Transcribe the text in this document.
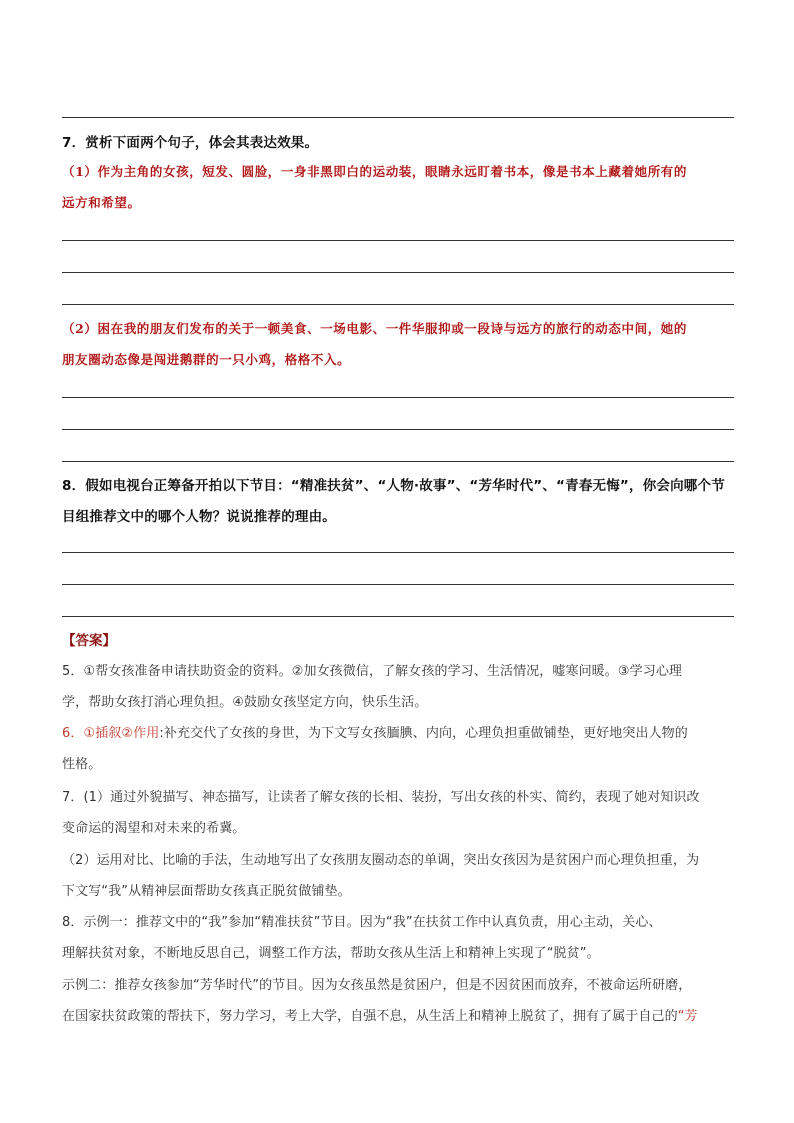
7．赏析下面两个句子，体会其表达效果。
（1）作为主角的女孩，短发、圆脸，一身非黑即白的运动装，眼睛永远盯着书本，像是书本上藏着她所有的
远方和希望。
（2）困在我的朋友们发布的关于一顿美食、一场电影、一件华服抑或一段诗与远方的旅行的动态中间，她的
朋友圈动态像是闯进鹅群的一只小鸡，格格不入。
8．假如电视台正筹备开拍以下节目：“精准扶贫”、“人物·故事”、“芳华时代”、“青春无悔”，你会向哪个节
目组推荐文中的哪个人物？说说推荐的理由。
【答案】
5．①帮女孩准备申请扶助资金的资料。②加女孩微信，了解女孩的学习、生活情况，嘘寒问暖。③学习心理
学，帮助女孩打消心理负担。④鼓励女孩坚定方向，快乐生活。
6．①插叙②作用:补充交代了女孩的身世，为下文写女孩腼腆、内向，心理负担重做铺垫，更好地突出人物的
性格。
7．(1）通过外貌描写、神态描写，让读者了解女孩的长相、装扮，写出女孩的朴实、简约，表现了她对知识改
变命运的渴望和对未来的希冀。
（2）运用对比、比喻的手法，生动地写出了女孩朋友圈动态的单调，突出女孩因为是贫困户而心理负担重，为
下文写“我”从精神层面帮助女孩真正脱贫做铺垫。
8．示例一：推荐文中的“我”参加“精准扶贫”节目。因为“我”在扶贫工作中认真负责，用心主动，关心、
理解扶贫对象，不断地反思自己，调整工作方法，帮助女孩从生活上和精神上实现了“脱贫”。
示例二：推荐女孩参加“芳华时代”的节目。因为女孩虽然是贫困户，但是不因贫困而放弃，不被命运所研磨，
在国家扶贫政策的帮扶下，努力学习，考上大学，自强不息，从生活上和精神上脱贫了，拥有了属于自己的“芳
